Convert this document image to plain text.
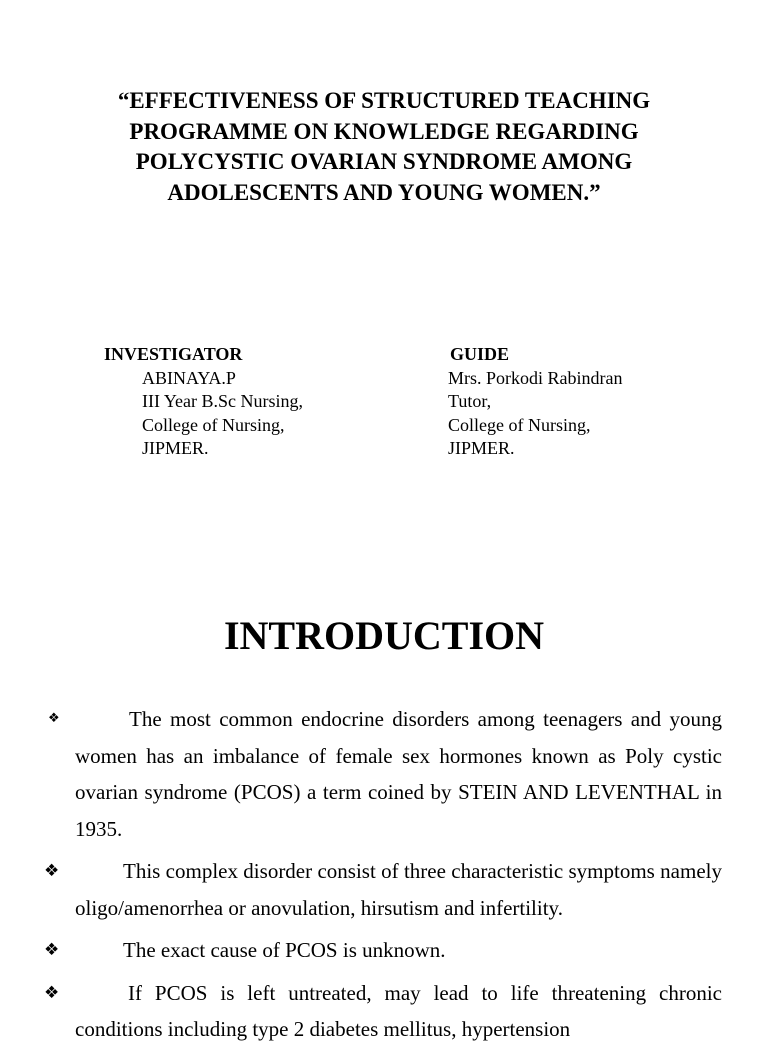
“EFFECTIVENESS OF STRUCTURED TEACHING PROGRAMME ON KNOWLEDGE REGARDING POLYCYSTIC OVARIAN SYNDROME AMONG ADOLESCENTS AND YOUNG WOMEN.”
INVESTIGATOR
ABINAYA.P
III Year B.Sc Nursing,
College of Nursing,
JIPMER.
GUIDE
Mrs. Porkodi Rabindran
Tutor,
College of Nursing,
JIPMER.
INTRODUCTION
❖	The most common endocrine disorders among teenagers and young women has an imbalance of female sex hormones known as Poly cystic ovarian syndrome (PCOS) a term coined by STEIN AND LEVENTHAL in 1935.
❖	This complex disorder consist of three characteristic symptoms namely oligo/amenorrhea or anovulation, hirsutism and infertility.
❖	The exact cause of PCOS is unknown.
❖	If PCOS is left untreated, may lead to life threatening chronic conditions including type 2 diabetes mellitus, hypertension
